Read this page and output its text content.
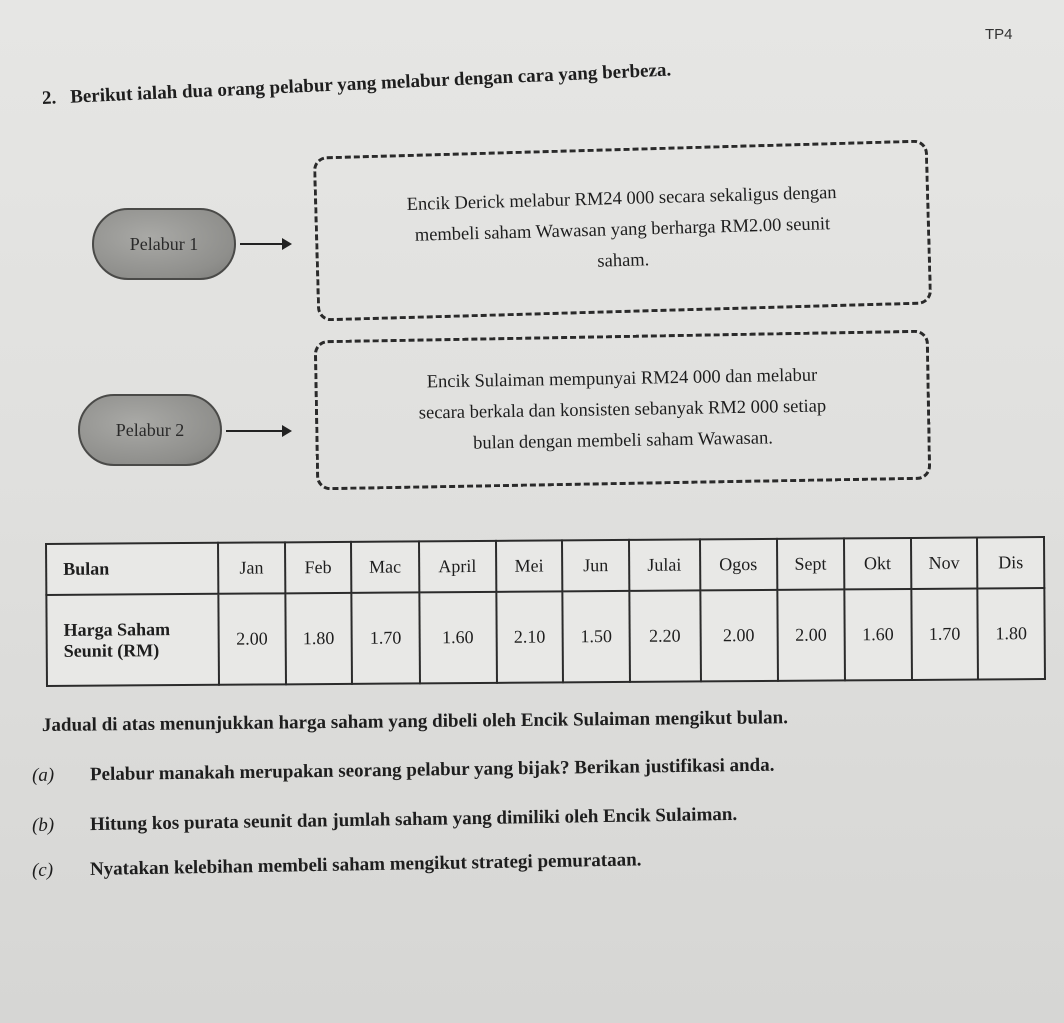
TP4
2. Berikut ialah dua orang pelabur yang melabur dengan cara yang berbeza.
Pelabur 1
Encik Derick melabur RM24 000 secara sekaligus dengan
membeli saham Wawasan yang berharga RM2.00 seunit
saham.
Pelabur 2
Encik Sulaiman mempunyai RM24 000 dan melabur
secara berkala dan konsisten sebanyak RM2 000 setiap
bulan dengan membeli saham Wawasan.
Bulan	Jan	Feb	Mac	April	Mei	Jun	Julai	Ogos	Sept	Okt	Nov	Dis

Harga Saham
Seunit (RM)	2.00	1.80	1.70	1.60	2.10	1.50	2.20	2.00	2.00	1.60	1.70	1.80
Jadual di atas menunjukkan harga saham yang dibeli oleh Encik Sulaiman mengikut bulan.
(a) Pelabur manakah merupakan seorang pelabur yang bijak? Berikan justifikasi anda.
(b) Hitung kos purata seunit dan jumlah saham yang dimiliki oleh Encik Sulaiman.
(c) Nyatakan kelebihan membeli saham mengikut strategi pemurataan.
